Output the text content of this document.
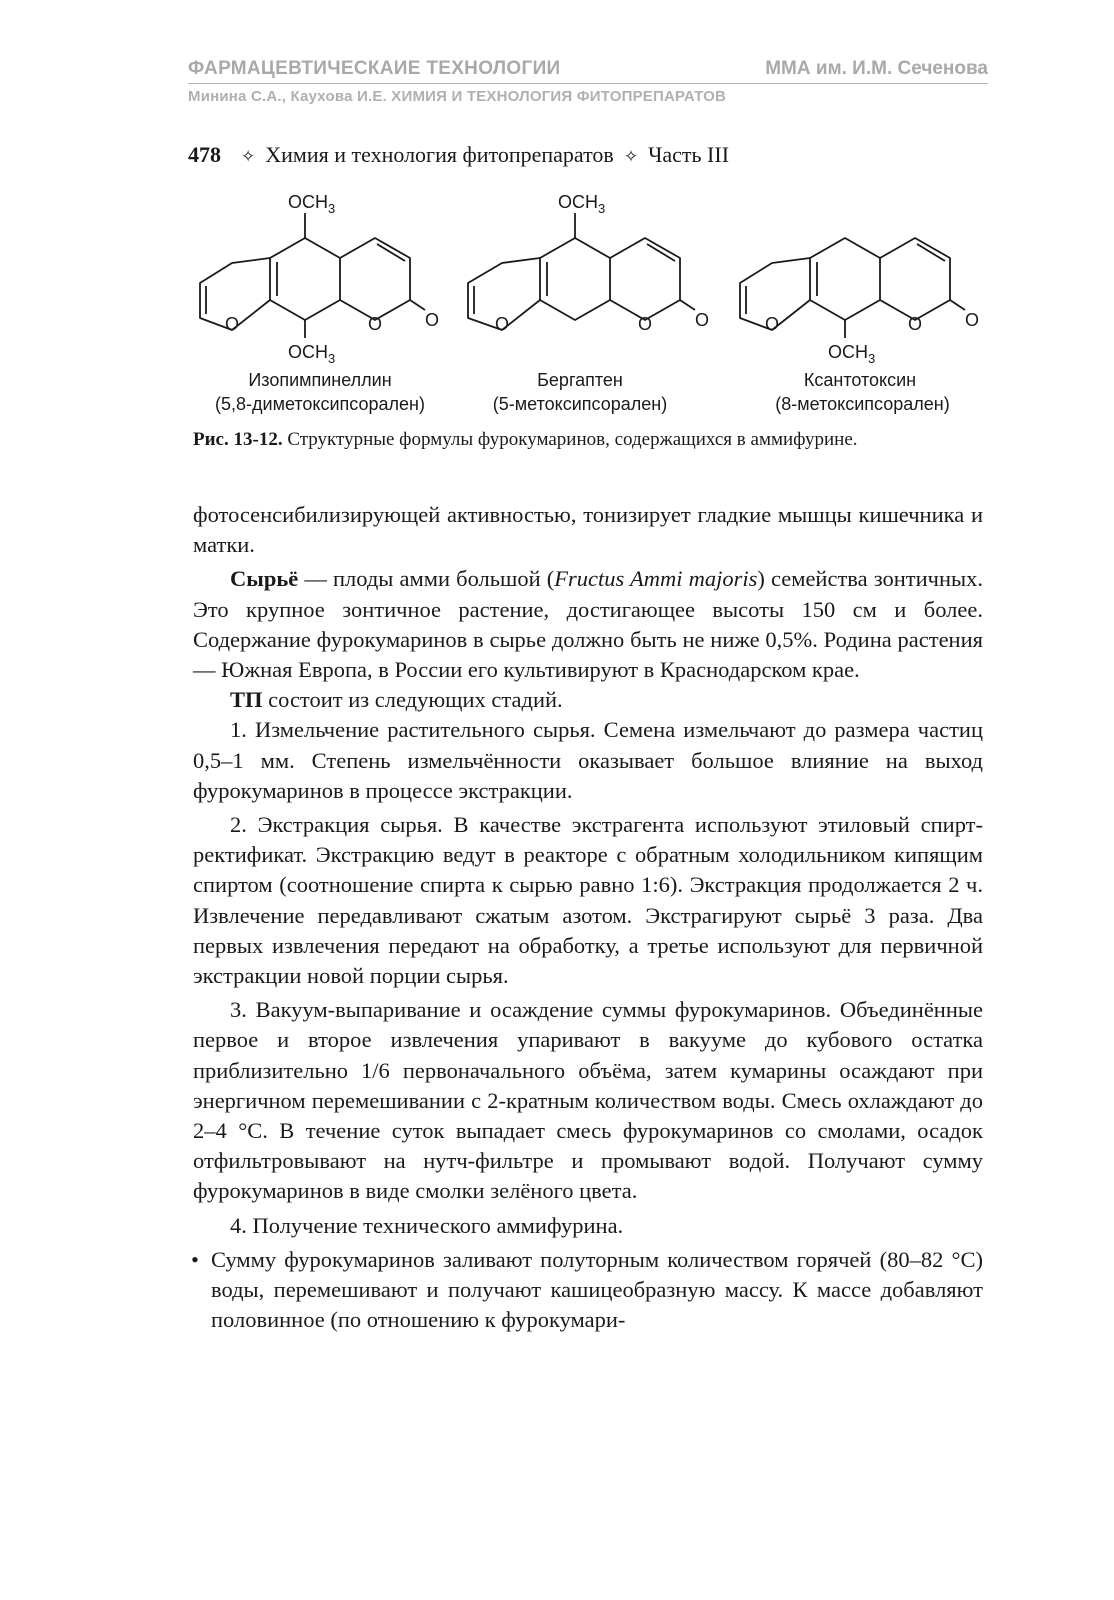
ФАРМАЦЕВТИЧЕСКАИЕ ТЕХНОЛОГИИ	ММА им. И.М. Сеченова
Минина С.А., Каухова И.Е. ХИМИЯ И ТЕХНОЛОГИЯ ФИТОПРЕПАРАТОВ
478 ✧ Химия и технология фитопрепаратов ✧ Часть III
$OCH_3$
$OCH_3$
O	O O
$OCH_3$
O	O O
$OCH_3$
O	O O
Изопимпинеллин
(5,8-диметоксипсорален)
Бергаптен
(5-метоксипсорален)
Ксантотоксин
(8-метоксипсорален)
Рис. 13-12. Структурные формулы фурокумаринов, содержащихся в аммифурине.

фотосенсибилизирующей активностью, тонизирует гладкие мышцы кишечника и матки.

Сырьё — плоды амми большой (Fructus Ammi majoris) семейства зонтичных. Это крупное зонтичное растение, достигающее высоты 150 см и более. Содержание фурокумаринов в сырье должно быть не ниже 0,5%. Родина растения — Южная Европа, в России его культивируют в Краснодарском крае.

ТП состоит из следующих стадий.

1. Измельчение растительного сырья. Семена измельчают до размера частиц 0,5–1 мм. Степень измельчённости оказывает большое влияние на выход фурокумаринов в процессе экстракции.

2. Экстракция сырья. В качестве экстрагента используют этиловый спирт-ректификат. Экстракцию ведут в реакторе с обратным холодильником кипящим спиртом (соотношение спирта к сырью равно 1:6). Экстракция продолжается 2 ч. Извлечение передавливают сжатым азотом. Экстрагируют сырьё 3 раза. Два первых извлечения передают на обработку, а третье используют для первичной экстракции новой порции сырья.

3. Вакуум-выпаривание и осаждение суммы фурокумаринов. Объединённые первое и второе извлечения упаривают в вакууме до кубового остатка приблизительно 1/6 первоначального объёма, затем кумарины осаждают при энергичном перемешивании с 2-кратным количеством воды. Смесь охлаждают до 2–4 °С. В течение суток выпадает смесь фурокумаринов со смолами, осадок отфильтровывают на нутч-фильтре и промывают водой. Получают сумму фурокумаринов в виде смолки зелёного цвета.

4. Получение технического аммифурина.

• Сумму фурокумаринов заливают полуторным количеством горячей (80–82 °С) воды, перемешивают и получают кашицеобразную массу. К массе добавляют половинное (по отношению к фурокумари-
